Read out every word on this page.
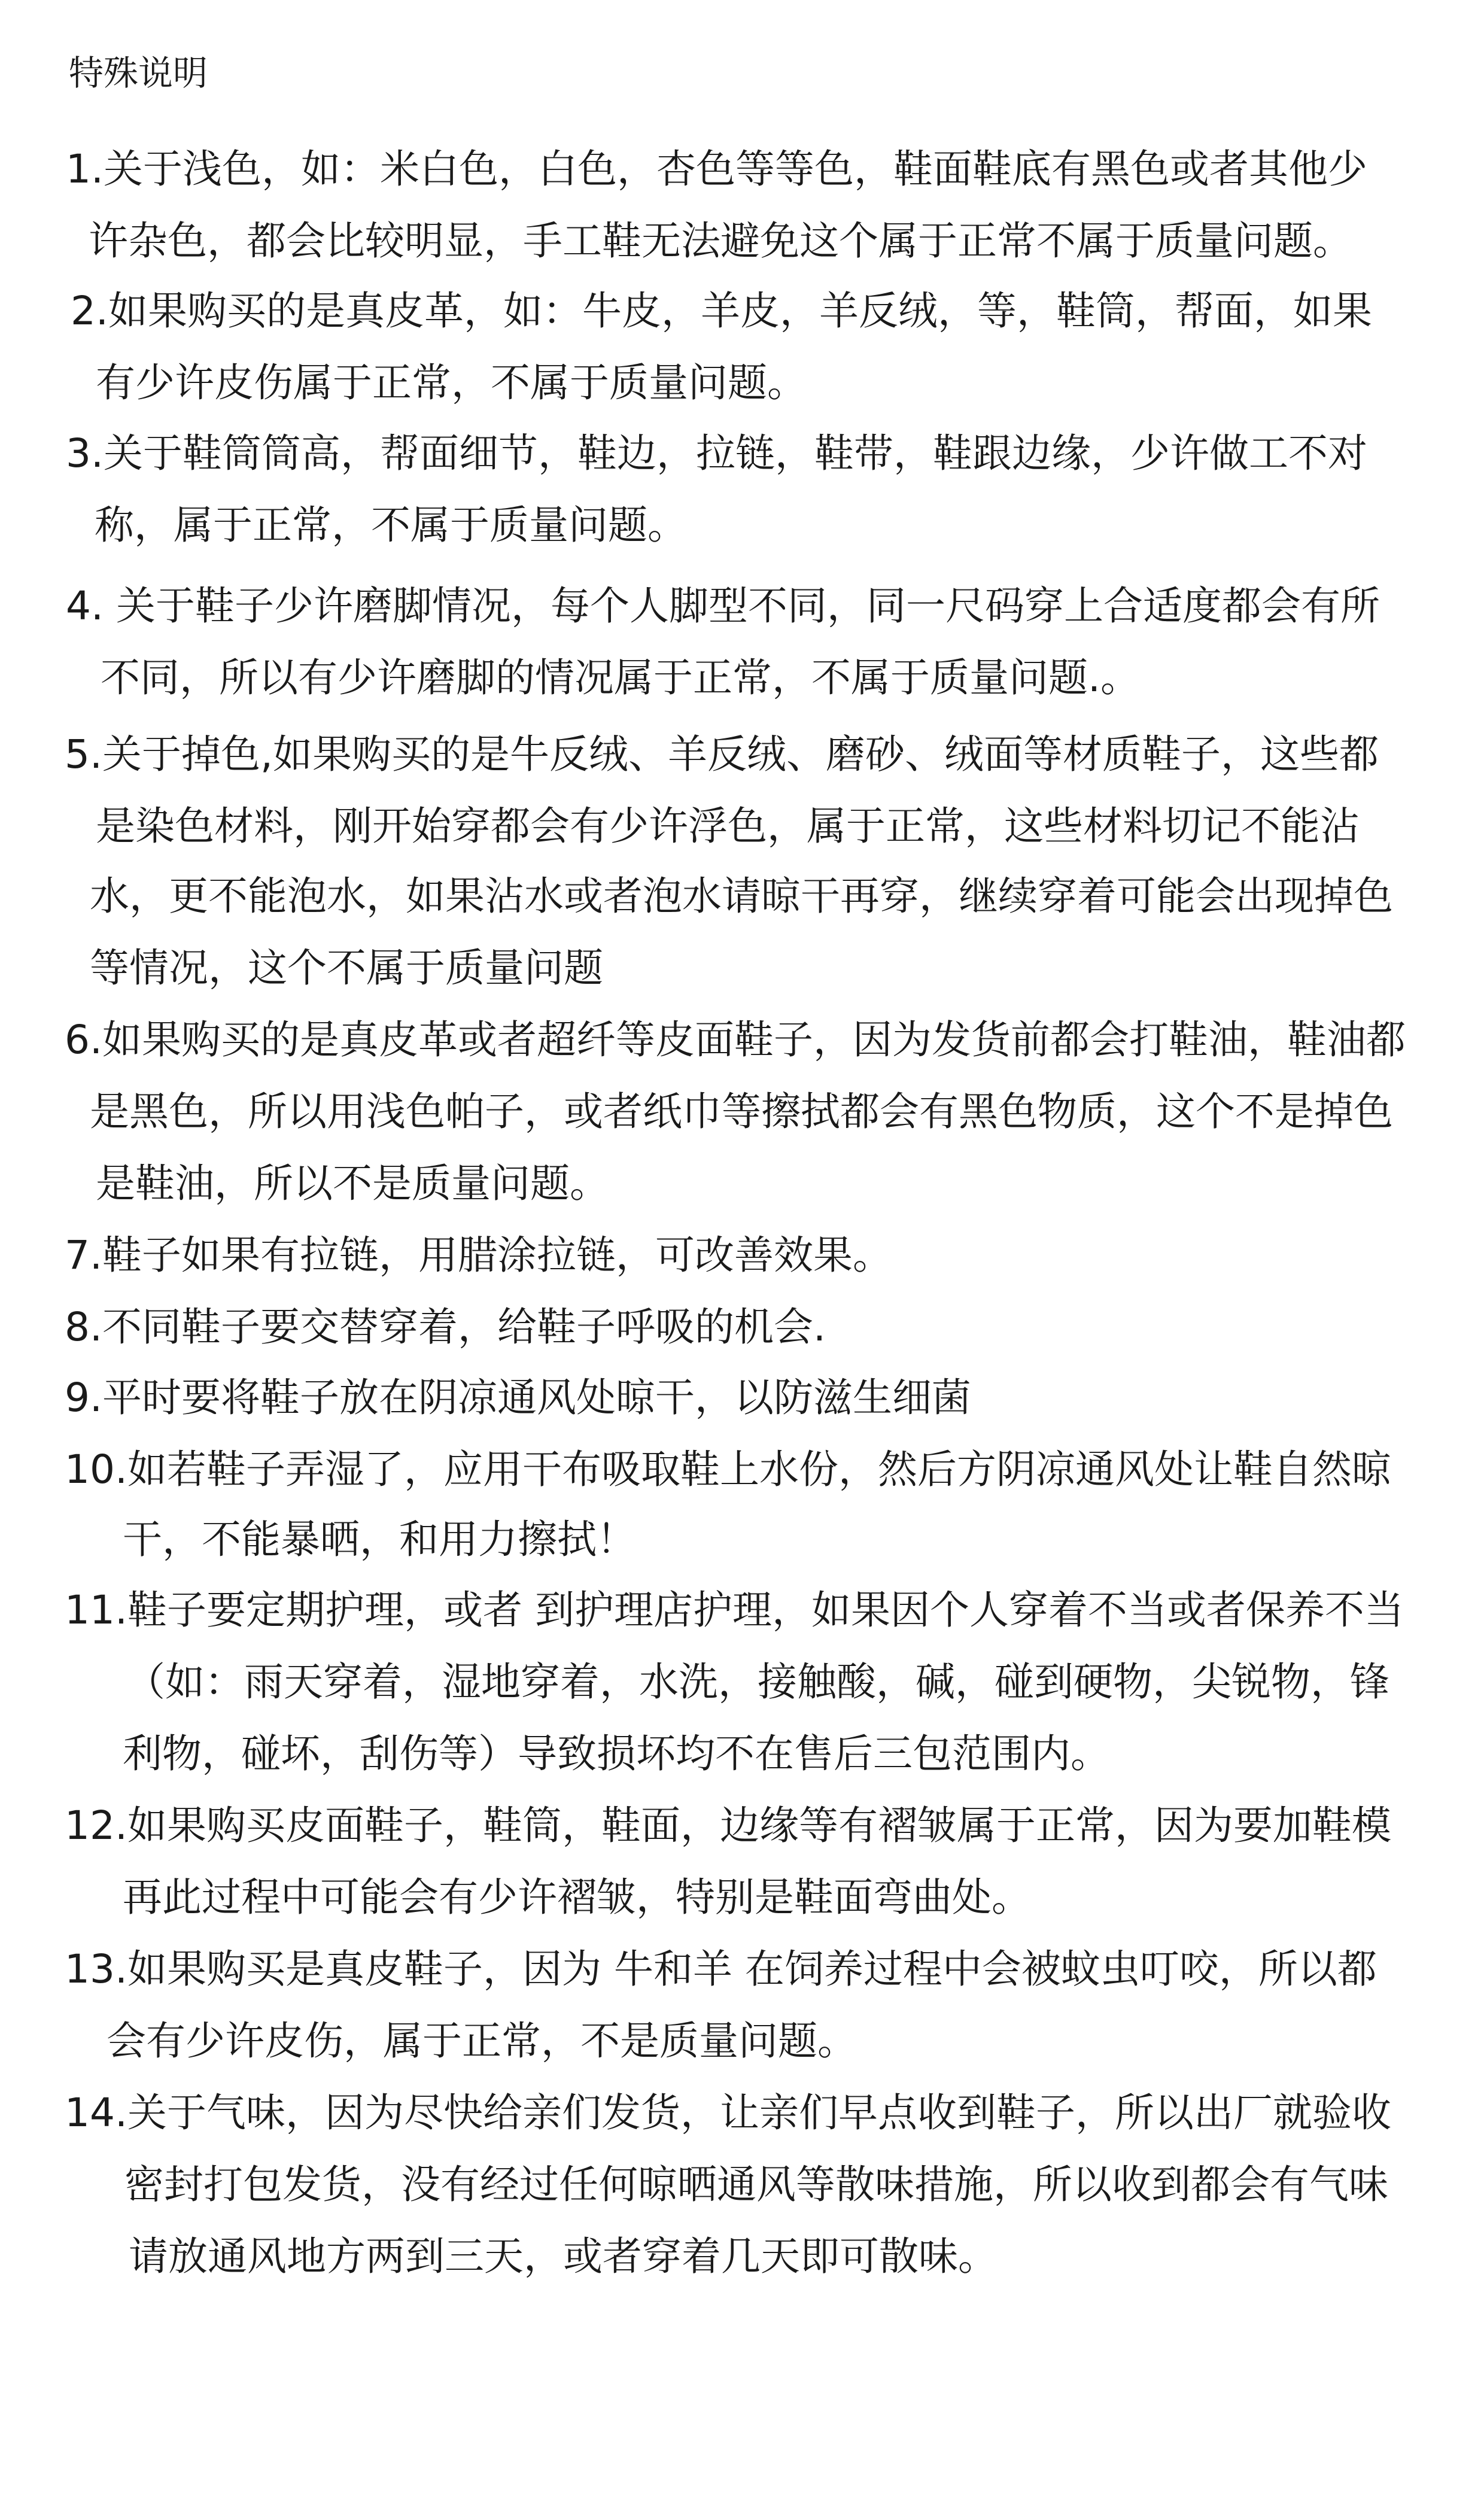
特殊说明
1.关于浅色，如：米白色，白色，杏色等等色，鞋面鞋底有黑色或者其他少
许杂色，都会比较明显，手工鞋无法避免这个属于正常不属于质量问题。
2.如果购买的是真皮革，如：牛皮，羊皮，羊反绒，等，鞋筒，帮面，如果
有少许皮伤属于正常，不属于质量问题。
3.关于鞋筒筒高，帮面细节，鞋边，拉链，鞋带，鞋跟边缘，少许做工不对
称，属于正常，不属于质量问题。
4. 关于鞋子少许磨脚情况，每个人脚型不同，同一尺码穿上合适度都会有所
不同，所以有少许磨脚的情况属于正常，不属于质量问题.。
5.关于掉色,如果购买的是牛反绒、羊反绒、磨砂、绒面等材质鞋子，这些都
是染色材料，刚开始穿都会有少许浮色，属于正常，这些材料切记不能沾
水，更不能泡水，如果沾水或者泡水请晾干再穿，继续穿着可能会出现掉色
等情况，这个不属于质量问题
6.如果购买的是真皮革或者超纤等皮面鞋子，因为发货前都会打鞋油，鞋油都
是黑色，所以用浅色帕子，或者纸巾等擦拭都会有黑色物质，这个不是掉色
是鞋油，所以不是质量问题。
7.鞋子如果有拉链，用腊涂拉链，可改善效果。
8.不同鞋子要交替穿着，给鞋子呼吸的机会.
9.平时要将鞋子放在阴凉通风处晾干，以防滋生细菌
10.如若鞋子弄湿了，应用干布吸取鞋上水份，然后方阴凉通风处让鞋自然晾
干，不能暴晒，和用力擦拭！
11.鞋子要定期护理，或者 到护理店护理，如果因个人穿着不当或者保养不当
（如：雨天穿着，湿地穿着，水洗，接触酸，碱，碰到硬物，尖锐物，锋
利物，碰坏，刮伤等）导致损坏均不在售后三包范围内。
12.如果购买皮面鞋子，鞋筒，鞋面，边缘等有褶皱属于正常，因为要加鞋模
再此过程中可能会有少许褶皱，特别是鞋面弯曲处。
13.如果购买是真皮鞋子，因为 牛和羊 在饲养过程中会被蚊虫叮咬，所以都
会有少许皮伤，属于正常，不是质量问题。
14.关于气味，因为尽快给亲们发货，让亲们早点收到鞋子，所以出厂就验收
密封打包发货，没有经过任何晾晒通风等散味措施，所以收到都会有气味
请放通风地方两到三天，或者穿着几天即可散味。
